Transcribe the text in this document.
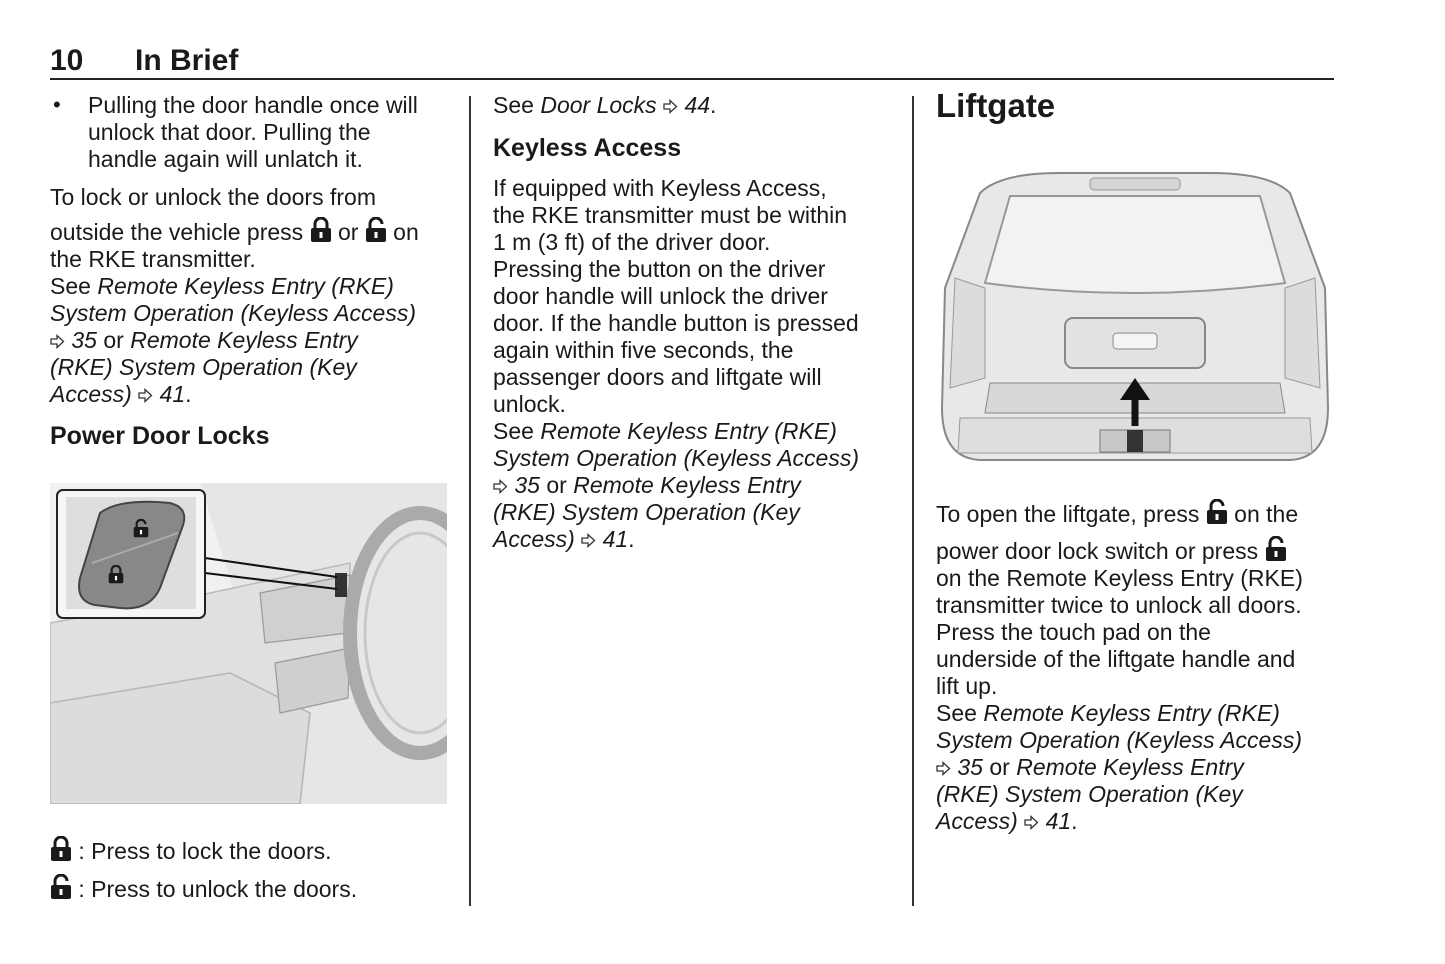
10 In Brief
• Pulling the door handle once will

unlock that door. Pulling the

handle again will unlatch it.

To lock or unlock the doors from

outside the vehicle press or on

the RKE transmitter.

See Remote Keyless Entry (RKE)

System Operation (Keyless Access)

35 or Remote Keyless Entry

(RKE) System Operation (Key

Access) 41.

Power Door Locks

: Press to lock the doors.

: Press to unlock the doors.

See Door Locks 44.

Keyless Access

If equipped with Keyless Access,

the RKE transmitter must be within

1 m (3 ft) of the driver door.

Pressing the button on the driver

door handle will unlock the driver

door. If the handle button is pressed

again within five seconds, the

passenger doors and liftgate will

unlock.

See Remote Keyless Entry (RKE)

System Operation (Keyless Access)

35 or Remote Keyless Entry

(RKE) System Operation (Key

Access) 41.

Liftgate

To open the liftgate, press on the

power door lock switch or press

on the Remote Keyless Entry (RKE)

transmitter twice to unlock all doors.

Press the touch pad on the

underside of the liftgate handle and

lift up.

See Remote Keyless Entry (RKE)

System Operation (Keyless Access)

35 or Remote Keyless Entry

(RKE) System Operation (Key

Access) 41.
